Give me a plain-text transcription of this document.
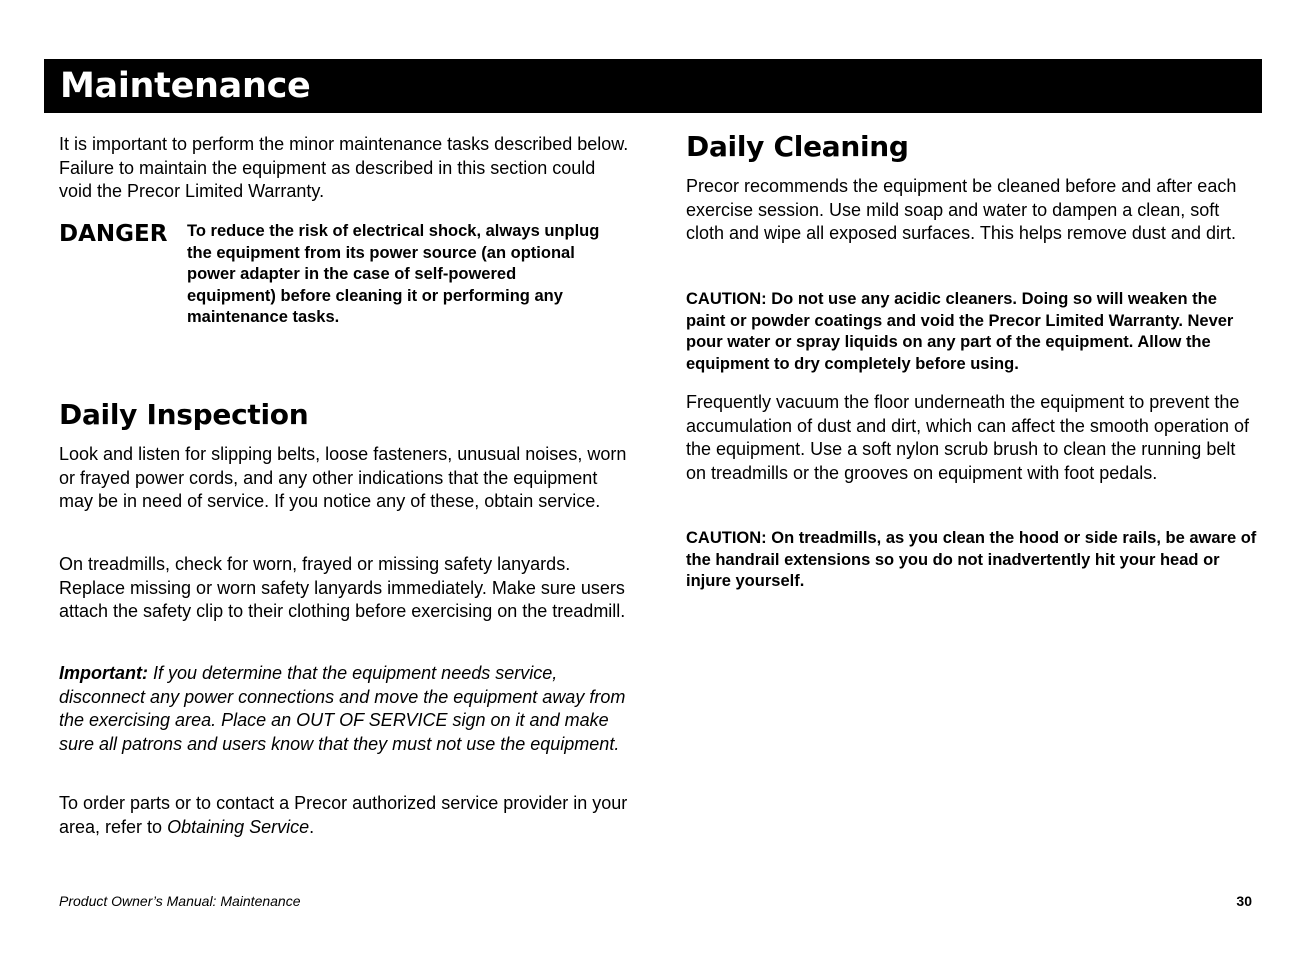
Maintenance

It is important to perform the minor maintenance tasks described below. Failure to maintain the equipment as described in this section could void the Precor Limited Warranty.

DANGER To reduce the risk of electrical shock, always unplug the equipment from its power source (an optional power adapter in the case of self-powered equipment) before cleaning it or performing any maintenance tasks.
Daily Inspection

Look and listen for slipping belts, loose fasteners, unusual noises, worn or frayed power cords, and any other indications that the equipment may be in need of service. If you notice any of these, obtain service.

On treadmills, check for worn, frayed or missing safety lanyards. Replace missing or worn safety lanyards immediately. Make sure users attach the safety clip to their clothing before exercising on the treadmill.

Important: If you determine that the equipment needs service, disconnect any power connections and move the equipment away from the exercising area. Place an OUT OF SERVICE sign on it and make sure all patrons and users know that they must not use the equipment.

To order parts or to contact a Precor authorized service provider in your area, refer to Obtaining Service.

Daily Cleaning

Precor recommends the equipment be cleaned before and after each exercise session. Use mild soap and water to dampen a clean, soft cloth and wipe all exposed surfaces. This helps remove dust and dirt.

CAUTION: Do not use any acidic cleaners. Doing so will weaken the paint or powder coatings and void the Precor Limited Warranty. Never pour water or spray liquids on any part of the equipment. Allow the equipment to dry completely before using.

Frequently vacuum the floor underneath the equipment to prevent the accumulation of dust and dirt, which can affect the smooth operation of the equipment. Use a soft nylon scrub brush to clean the running belt on treadmills or the grooves on equipment with foot pedals.

CAUTION: On treadmills, as you clean the hood or side rails, be aware of the handrail extensions so you do not inadvertently hit your head or injure yourself.

Product Owner’s Manual: Maintenance	30
